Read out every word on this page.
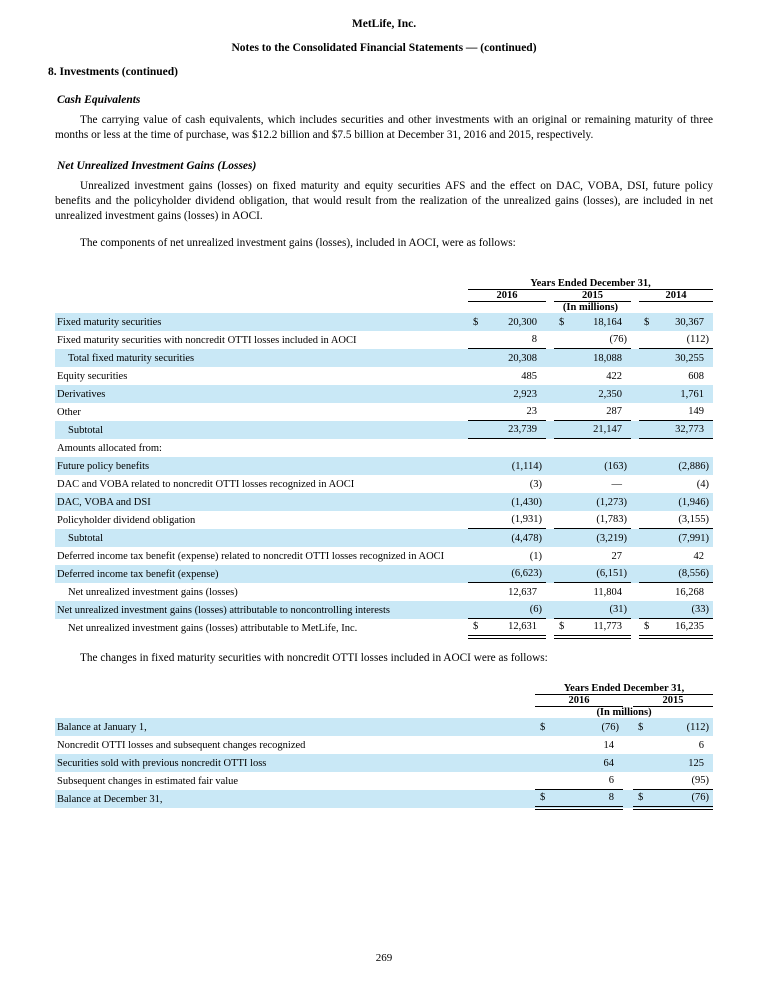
MetLife, Inc.
Notes to the Consolidated Financial Statements — (continued)
8. Investments (continued)
Cash Equivalents

The carrying value of cash equivalents, which includes securities and other investments with an original or remaining maturity of three months or less at the time of purchase, was $12.2 billion and $7.5 billion at December 31, 2016 and 2015, respectively.

Net Unrealized Investment Gains (Losses)

Unrealized investment gains (losses) on fixed maturity and equity securities AFS and the effect on DAC, VOBA, DSI, future policy benefits and the policyholder dividend obligation, that would result from the realization of the unrealized gains (losses), are included in net unrealized investment gains (losses) in AOCI.

The components of net unrealized investment gains (losses), included in AOCI, were as follows:

	Years Ended December 31,				
	2016		2015		2014
	(In millions)				

Fixed maturity securities	$ 20,300		$ 18,164		$ 30,367

Fixed maturity securities with noncredit OTTI losses included in AOCI	8		(76)		(112)

Total fixed maturity securities	20,308		18,088		30,255

Equity securities	485		422		608

Derivatives	2,923		2,350		1,761

Other	23		287		149

Subtotal	23,739		21,147		32,773

Amounts allocated from:					

Future policy benefits	(1,114)		(163)		(2,886)

DAC and VOBA related to noncredit OTTI losses recognized in AOCI	(3)		—		(4)

DAC, VOBA and DSI	(1,430)		(1,273)		(1,946)

Policyholder dividend obligation	(1,931)		(1,783)		(3,155)

Subtotal	(4,478)		(3,219)		(7,991)

Deferred income tax benefit (expense) related to noncredit OTTI losses recognized in AOCI	(1)		27		42

Deferred income tax benefit (expense)	(6,623)		(6,151)		(8,556)

Net unrealized investment gains (losses)	12,637		11,804		16,268

Net unrealized investment gains (losses) attributable to noncontrolling interests	(6)		(31)		(33)

Net unrealized investment gains (losses) attributable to MetLife, Inc.	$ 12,631		$ 11,773		$ 16,235

The changes in fixed maturity securities with noncredit OTTI losses included in AOCI were as follows:

	Years Ended December 31,		
	2016		2015
	(In millions)		

Balance at January 1,	$ (76)		$ (112)

Noncredit OTTI losses and subsequent changes recognized	14		6

Securities sold with previous noncredit OTTI loss	64		125

Subsequent changes in estimated fair value	6		(95)

Balance at December 31,	$ 8		$ (76)
269
